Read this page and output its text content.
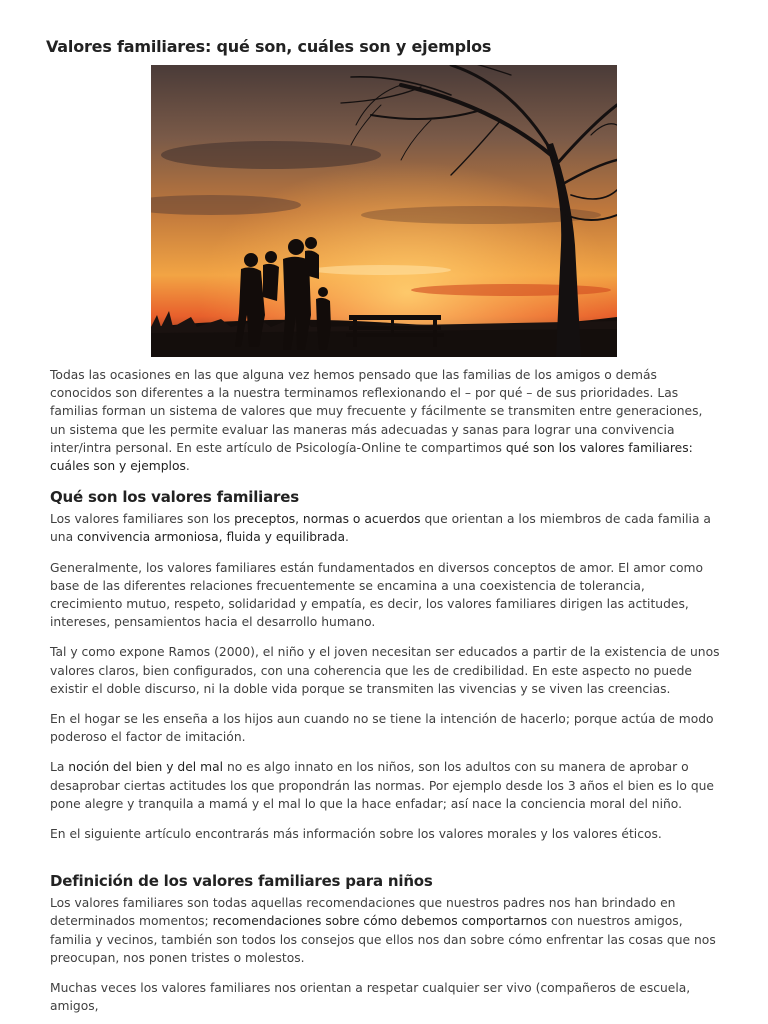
Valores familiares: qué son, cuáles son y ejemplos

Todas las ocasiones en las que alguna vez hemos pensado que las familias de los amigos o demás conocidos son diferentes a la nuestra terminamos reflexionando el – por qué – de sus prioridades. Las familias forman un sistema de valores que muy frecuente y fácilmente se transmiten entre generaciones, un sistema que les permite evaluar las maneras más adecuadas y sanas para lograr una convivencia inter/intra personal. En este artículo de Psicología-Online te compartimos qué son los valores familiares: cuáles son y ejemplos.

Qué son los valores familiares

Los valores familiares son los preceptos, normas o acuerdos que orientan a los miembros de cada familia a una convivencia armoniosa, fluida y equilibrada.

Generalmente, los valores familiares están fundamentados en diversos conceptos de amor. El amor como base de las diferentes relaciones frecuentemente se encamina a una coexistencia de tolerancia, crecimiento mutuo, respeto, solidaridad y empatía, es decir, los valores familiares dirigen las actitudes, intereses, pensamientos hacia el desarrollo humano.

Tal y como expone Ramos (2000), el niño y el joven necesitan ser educados a partir de la existencia de unos valores claros, bien configurados, con una coherencia que les de credibilidad. En este aspecto no puede existir el doble discurso, ni la doble vida porque se transmiten las vivencias y se viven las creencias.

En el hogar se les enseña a los hijos aun cuando no se tiene la intención de hacerlo; porque actúa de modo poderoso el factor de imitación.

La noción del bien y del mal no es algo innato en los niños, son los adultos con su manera de aprobar o desaprobar ciertas actitudes los que propondrán las normas. Por ejemplo desde los 3 años el bien es lo que pone alegre y tranquila a mamá y el mal lo que la hace enfadar; así nace la conciencia moral del niño.

En el siguiente artículo encontrarás más información sobre los valores morales y los valores éticos.

Definición de los valores familiares para niños

Los valores familiares son todas aquellas recomendaciones que nuestros padres nos han brindado en determinados momentos; recomendaciones sobre cómo debemos comportarnos con nuestros amigos, familia y vecinos, también son todos los consejos que ellos nos dan sobre cómo enfrentar las cosas que nos preocupan, nos ponen tristes o molestos.

Muchas veces los valores familiares nos orientan a respetar cualquier ser vivo (compañeros de escuela, amigos,
